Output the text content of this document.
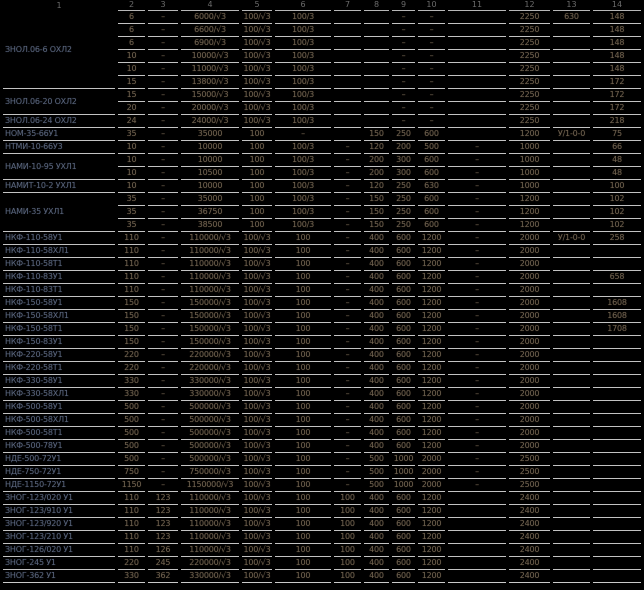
1	2	3	4	5	6	7	8	9	10	11	12	13	14
ЗНОЛ.06-6 ОХЛ2	6	–	6000/√3	100/√3	100/3			–	–		2250	630	148
	6	–	6600/√3	100/√3	100/3			–	–		2250		148
	6	–	6900/√3	100/√3	100/3			–	–		2250		148
	10	–	10000/√3	100/√3	100/3			–	–		2250		148
	10	–	11000/√3	100/√3	100/3			–	–		2250		148
	15	–	13800/√3	100/√3	100/3			–	–		2250		172
ЗНОЛ.06-20 ОХЛ2	15	–	15000/√3	100/√3	100/3			–	–		2250		172
	20	–	20000/√3	100/√3	100/3			–	–		2250		172
ЗНОЛ.06-24 ОХЛ2	24	–	24000/√3	100/√3	100/3			–	–		2250		218
НОМ-35-66У1	35	–	35000	100	–		150	250	600		1200	У/1-0-0	75
НТМИ-10-66У3	10	–	10000	100	100/3	–	120	200	500	–	1000		66
НАМИ-10-95 УХЛ1	10	–	10000	100	100/3	–	200	300	600	–	1000		48
	10	–	10500	100	100/3	–	200	300	600	–	1000		48
НАМИТ-10-2 УХЛ1	10	–	10000	100	100/3	–	120	250	630	–	1000		100
НАМИ-35 УХЛ1	35	–	35000	100	100/3	–	150	250	600	–	1200		102
	35	–	36750	100	100/3	–	150	250	600	–	1200		102
	35	–	38500	100	100/3	–	150	250	600	–	1200		102
НКФ-110-58У1	110	–	110000/√3	100/√3	100	–	400	600	1200	–	2000	У/1-0-0	258
НКФ-110-58ХЛ1	110	–	110000/√3	100/√3	100	–	400	600	1200	–	2000		
НКФ-110-58Т1	110	–	110000/√3	100/√3	100	–	400	600	1200	–	2000		
НКФ-110-83У1	110	–	110000/√3	100/√3	100	–	400	600	1200	–	2000		658
НКФ-110-83Т1	110	–	110000/√3	100/√3	100	–	400	600	1200	–	2000		
НКФ-150-58У1	150	–	150000/√3	100/√3	100	–	400	600	1200	–	2000		1608
НКФ-150-58ХЛ1	150	–	150000/√3	100/√3	100	–	400	600	1200	–	2000		1608
НКФ-150-58Т1	150	–	150000/√3	100/√3	100	–	400	600	1200	–	2000		1708
НКФ-150-83У1	150	–	150000/√3	100/√3	100	–	400	600	1200	–	2000		
НКФ-220-58У1	220	–	220000/√3	100/√3	100	–	400	600	1200	–	2000		
НКФ-220-58Т1	220	–	220000/√3	100/√3	100	–	400	600	1200	–	2000		
НКФ-330-58У1	330	–	330000/√3	100/√3	100	–	400	600	1200	–	2000		
НКФ-330-58ХЛ1	330	–	330000/√3	100/√3	100	–	400	600	1200	–	2000		
НКФ-500-58У1	500	–	500000/√3	100/√3	100	–	400	600	1200	–	2000		
НКФ-500-58ХЛ1	500	–	500000/√3	100/√3	100	–	400	600	1200	–	2000		
НКФ-500-58Т1	500	–	500000/√3	100/√3	100	–	400	600	1200	–	2000		
НКФ-500-78У1	500	–	500000/√3	100/√3	100	–	400	600	1200	–	2000		
НДЕ-500-72У1	500	–	500000/√3	100/√3	100	–	500	1000	2000	–	2500		
НДЕ-750-72У1	750	–	750000/√3	100/√3	100	–	500	1000	2000	–	2500		
НДЕ-1150-72У1	1150	–	1150000/√3	100/√3	100	–	500	1000	2000	–	2500		
ЗНОГ-123/020 У1	110	123	110000/√3	100/√3	100	100	400	600	1200		2400		
ЗНОГ-123/910 У1	110	123	110000/√3	100/√3	100	100	400	600	1200		2400		
ЗНОГ-123/920 У1	110	123	110000/√3	100/√3	100	100	400	600	1200		2400		
ЗНОГ-123/210 У1	110	123	110000/√3	100/√3	100	100	400	600	1200		2400		
ЗНОГ-126/020 У1	110	126	110000/√3	100/√3	100	100	400	600	1200		2400		
ЗНОГ-245 У1	220	245	220000/√3	100/√3	100	100	400	600	1200		2400		
ЗНОГ-362 У1	330	362	330000/√3	100/√3	100	100	400	600	1200		2400		
